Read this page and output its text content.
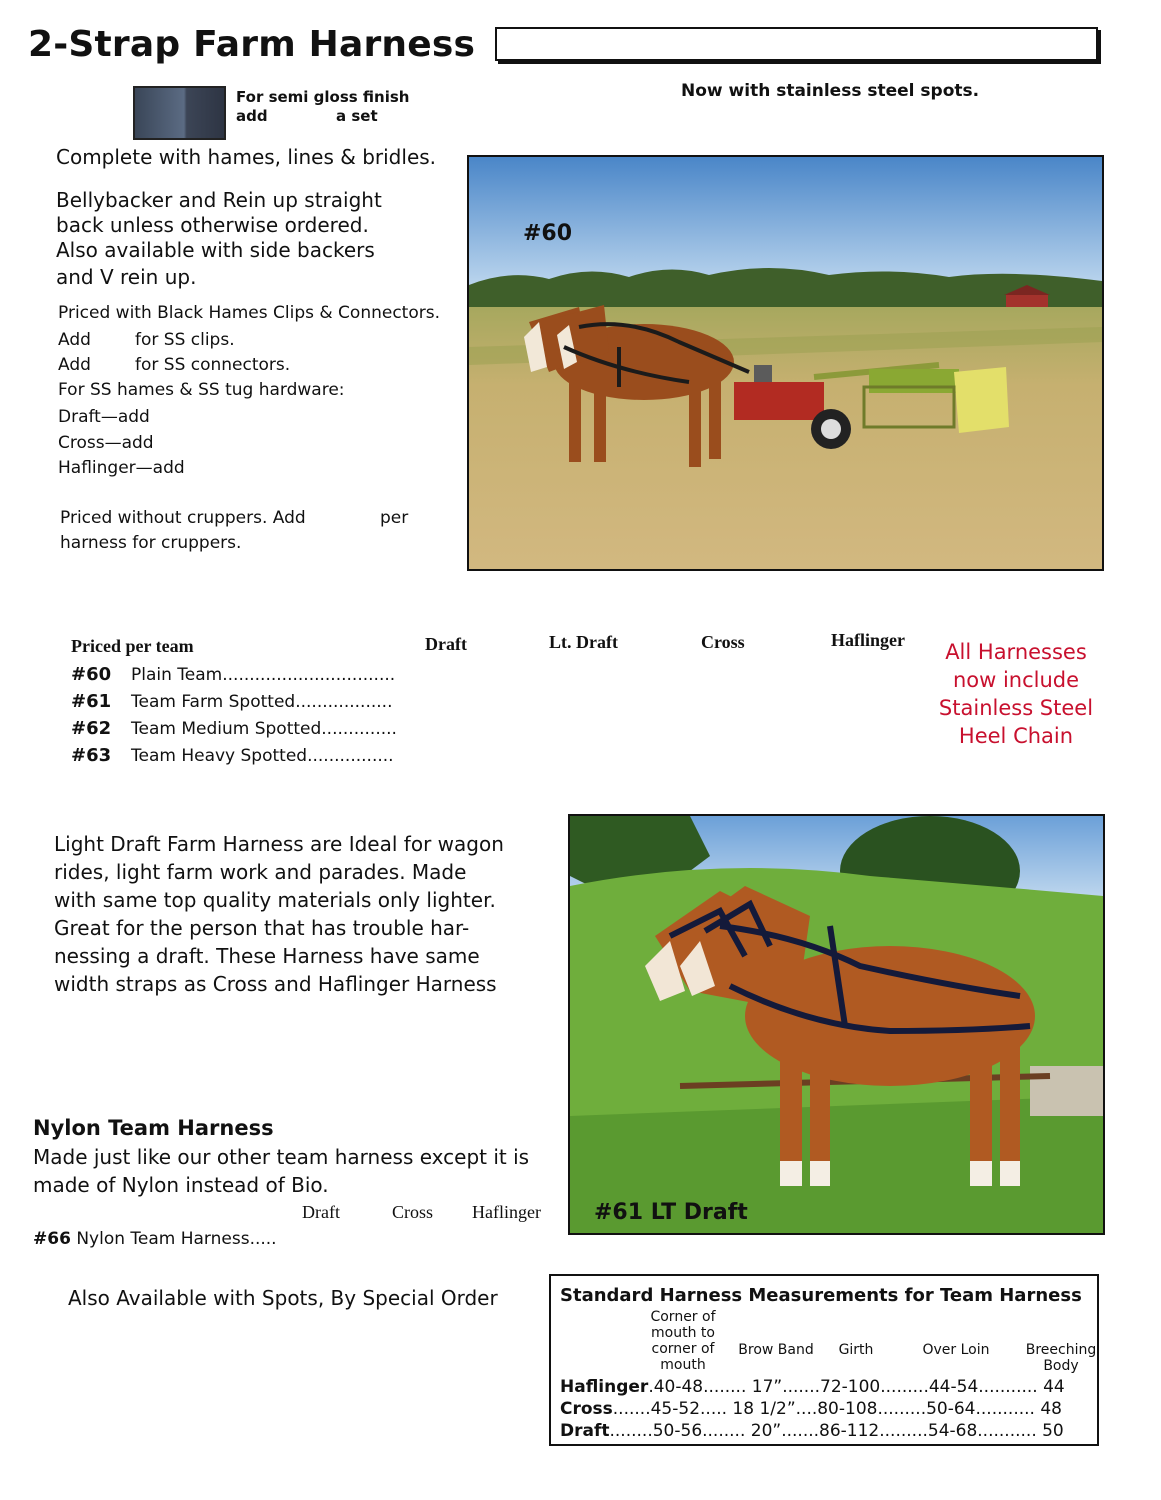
2-Strap Farm Harness
Now with stainless steel spots.
For semi gloss finish
add	a set
Complete with hames, lines & bridles.
Bellybacker and Rein up straight
back unless otherwise ordered.
Also available with side backers
and V rein up.
Priced with Black Hames Clips & Connectors.
Add	for SS clips.
Add	for SS connectors.
For SS hames & SS tug hardware:
Draft—add
Cross—add
Haflinger—add
Priced without cruppers. Add	per
harness for cruppers.
#60
Priced per team	Draft	Lt. Draft	Cross	Haflinger
#60 Plain Team................................
#61 Team Farm Spotted..................
#62 Team Medium Spotted..............
#63 Team Heavy Spotted................
All Harnesses
now include
Stainless Steel
Heel Chain
Light Draft Farm Harness are Ideal for wagon
rides, light farm work and parades. Made
with same top quality materials only lighter.
Great for the person that has trouble har-
nessing a draft. These Harness have same
width straps as Cross and Haflinger Harness
#61 LT Draft
Nylon Team Harness
Made just like our other team harness except it is
made of Nylon instead of Bio.
Draft	Cross Haflinger
#66 Nylon Team Harness.....
Also Available with Spots, By Special Order	Standard Harness Measurements for Team Harness
Corner of
mouth to
corner of
mouth
Brow Band	Girth	Over Loin	Breeching
Body
Haflinger.40-48........ 17”.......72-100.........44-54........... 44
Cross.......45-52..... 18 1/2”....80-108.........50-64........... 48
Draft........50-56........ 20”.......86-112.........54-68........... 50
